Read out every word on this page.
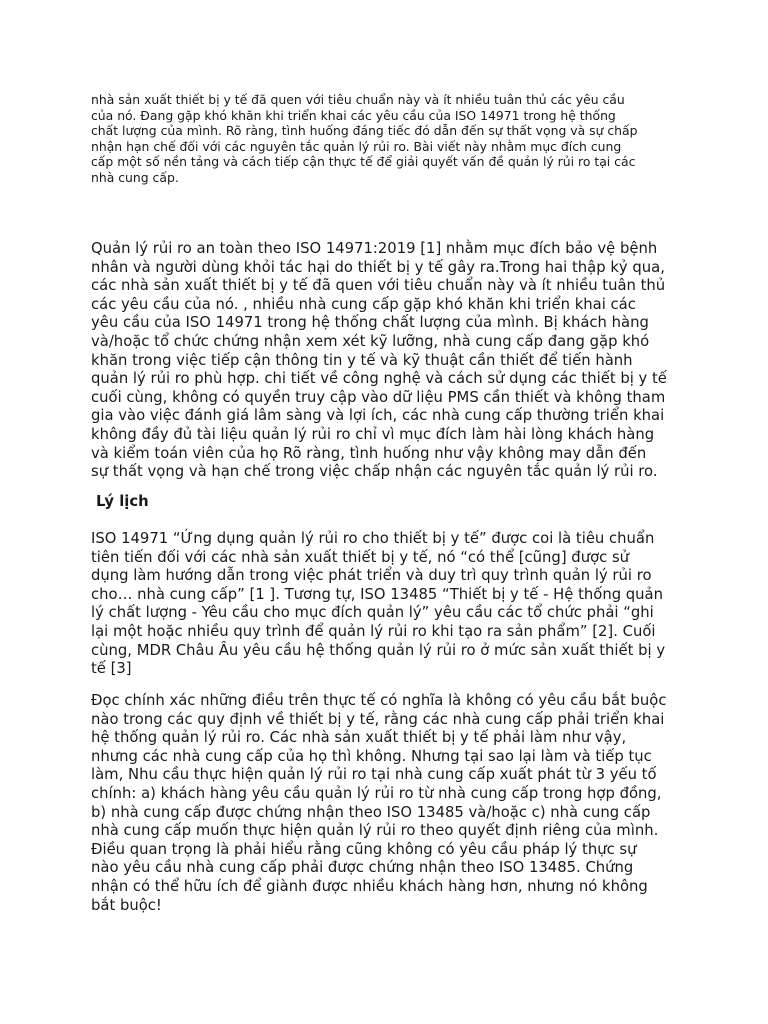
nhà sản xuất thiết bị y tế đã quen với tiêu chuẩn này và ít nhiều tuân thủ các yêu cầu
của nó. Đang gặp khó khăn khi triển khai các yêu cầu của ISO 14971 trong hệ thống
chất lượng của mình. Rõ ràng, tình huống đáng tiếc đó dẫn đến sự thất vọng và sự chấp
nhận hạn chế đối với các nguyên tắc quản lý rủi ro. Bài viết này nhằm mục đích cung
cấp một số nền tảng và cách tiếp cận thực tế để giải quyết vấn đề quản lý rủi ro tại các
nhà cung cấp.

Quản lý rủi ro an toàn theo ISO 14971:2019 [1] nhằm mục đích bảo vệ bệnh
nhân và người dùng khỏi tác hại do thiết bị y tế gây ra.Trong hai thập kỷ qua,
các nhà sản xuất thiết bị y tế đã quen với tiêu chuẩn này và ít nhiều tuân thủ
các yêu cầu của nó. , nhiều nhà cung cấp gặp khó khăn khi triển khai các
yêu cầu của ISO 14971 trong hệ thống chất lượng của mình. Bị khách hàng
và/hoặc tổ chức chứng nhận xem xét kỹ lưỡng, nhà cung cấp đang gặp khó
khăn trong việc tiếp cận thông tin y tế và kỹ thuật cần thiết để tiến hành
quản lý rủi ro phù hợp. chi tiết về công nghệ và cách sử dụng các thiết bị y tế
cuối cùng, không có quyền truy cập vào dữ liệu PMS cần thiết và không tham
gia vào việc đánh giá lâm sàng và lợi ích, các nhà cung cấp thường triển khai
không đầy đủ tài liệu quản lý rủi ro chỉ vì mục đích làm hài lòng khách hàng
và kiểm toán viên của họ Rõ ràng, tình huống như vậy không may dẫn đến
sự thất vọng và hạn chế trong việc chấp nhận các nguyên tắc quản lý rủi ro.

Lý lịch

ISO 14971 “Ứng dụng quản lý rủi ro cho thiết bị y tế” được coi là tiêu chuẩn
tiên tiến đối với các nhà sản xuất thiết bị y tế, nó “có thể [cũng] được sử
dụng làm hướng dẫn trong việc phát triển và duy trì quy trình quản lý rủi ro
cho… nhà cung cấp” [1 ]. Tương tự, ISO 13485 “Thiết bị y tế - Hệ thống quản
lý chất lượng - Yêu cầu cho mục đích quản lý” yêu cầu các tổ chức phải “ghi
lại một hoặc nhiều quy trình để quản lý rủi ro khi tạo ra sản phẩm” [2]. Cuối
cùng, MDR Châu Âu yêu cầu hệ thống quản lý rủi ro ở mức sản xuất thiết bị y
tế [3]

Đọc chính xác những điều trên thực tế có nghĩa là không có yêu cầu bắt buộc
nào trong các quy định về thiết bị y tế, rằng các nhà cung cấp phải triển khai
hệ thống quản lý rủi ro. Các nhà sản xuất thiết bị y tế phải làm như vậy,
nhưng các nhà cung cấp của họ thì không. Nhưng tại sao lại làm và tiếp tục
làm, Nhu cầu thực hiện quản lý rủi ro tại nhà cung cấp xuất phát từ 3 yếu tố
chính: a) khách hàng yêu cầu quản lý rủi ro từ nhà cung cấp trong hợp đồng,
b) nhà cung cấp được chứng nhận theo ISO 13485 và/hoặc c) nhà cung cấp
nhà cung cấp muốn thực hiện quản lý rủi ro theo quyết định riêng của mình.
Điều quan trọng là phải hiểu rằng cũng không có yêu cầu pháp lý thực sự
nào yêu cầu nhà cung cấp phải được chứng nhận theo ISO 13485. Chứng
nhận có thể hữu ích để giành được nhiều khách hàng hơn, nhưng nó không
bắt buộc!
